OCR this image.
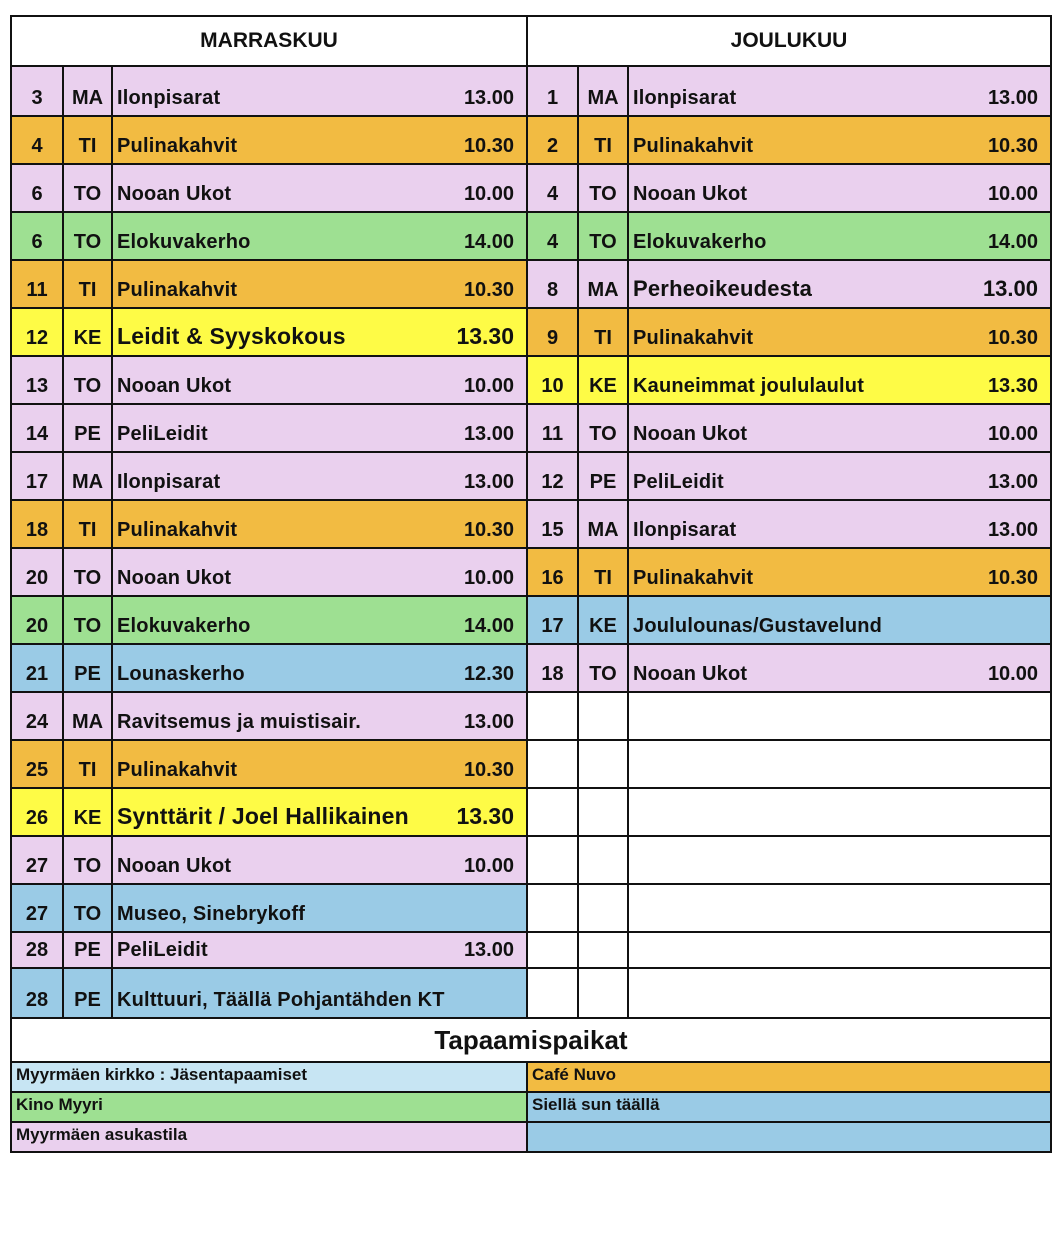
MARRASKUU
3	MA Ilonpisarat	13.00
4	TI	Pulinakahvit	10.30
6	TO Nooan Ukot	10.00
6	TO Elokuvakerho	14.00
11	TI	Pulinakahvit	10.30
12	KE Leidit & Syyskokous	13.30
13	TO Nooan Ukot	10.00
14	PE PeliLeidit	13.00
17	MA Ilonpisarat	13.00
18	TI	Pulinakahvit	10.30
20	TO Nooan Ukot	10.00
20	TO Elokuvakerho	14.00
21	PE Lounaskerho	12.30
24	MA Ravitsemus ja muistisair.	13.00
25	TI	Pulinakahvit	10.30
26	KE Synttärit / Joel Hallikainen 13.30
27	TO Nooan Ukot	10.00
27	TO Museo, Sinebrykoff
28	PE PeliLeidit	13.00
28	PE Kulttuuri, Täällä Pohjantähden KT
JOULUKUU
1	MA Ilonpisarat	13.00
2	TI	Pulinakahvit	10.30
4	TO Nooan Ukot	10.00
4	TO Elokuvakerho	14.00
8	MA Perheoikeudesta	13.00
9	TI	Pulinakahvit	10.30
10	KE Kauneimmat joululaulut	13.30
11	TO Nooan Ukot	10.00
12	PE PeliLeidit	13.00
15	MA Ilonpisarat	13.00
16	TI	Pulinakahvit	10.30
17	KE Joululounas/Gustavelund
18	TO Nooan Ukot	10.00
Tapaamispaikat
Myyrmäen kirkko : Jäsentapaamiset	Café Nuvo
Kino Myyri	Siellä sun täällä
Myyrmäen asukastila
